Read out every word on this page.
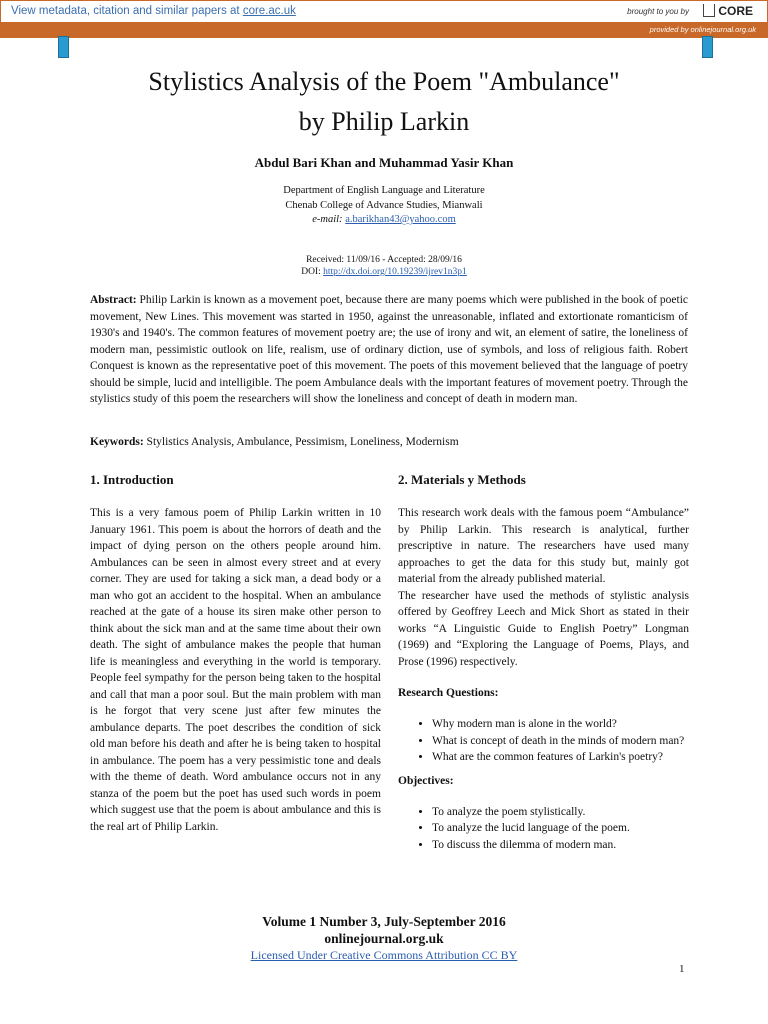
View metadata, citation and similar papers at core.ac.uk	brought to you by	CORE
provided by onlinejournal.org.uk
Stylistics Analysis of the Poem "Ambulance"
by Philip Larkin
Abdul Bari Khan and Muhammad Yasir Khan
Department of English Language and Literature
Chenab College of Advance Studies, Mianwali
e-mail: a.barikhan43@yahoo.com
Received: 11/09/16 - Accepted: 28/09/16
DOI: http://dx.doi.org/10.19239/ijrev1n3p1

Abstract: Philip Larkin is known as a movement poet, because there are many poems which were published in the book of poetic movement, New Lines. This movement was started in 1950, against the unreasonable, inflated and extortionate romanticism of 1930's and 1940's. The common features of movement poetry are; the use of irony and wit, an element of satire, the loneliness of modern man, pessimistic outlook on life, realism, use of ordinary diction, use of symbols, and loss of religious faith. Robert Conquest is known as the representative poet of this movement. The poets of this movement believed that the language of poetry should be simple, lucid and intelligible. The poem Ambulance deals with the important features of movement poetry. Through the stylistics study of this poem the researchers will show the loneliness and concept of death in modern man.

Keywords: Stylistics Analysis, Ambulance, Pessimism, Loneliness, Modernism

1. Introduction

This is a very famous poem of Philip Larkin written in 10 January 1961. This poem is about the horrors of death and the impact of dying person on the others people around him. Ambulances can be seen in almost every street and at every corner. They are used for taking a sick man, a dead body or a man who got an accident to the hospital. When an ambulance reached at the gate of a house its siren make other person to think about the sick man and at the same time about their own death. The sight of ambulance makes the people that human life is meaningless and everything in the world is temporary. People feel sympathy for the person being taken to the hospital and call that man a poor soul. But the main problem with man is he forgot that very scene just after few minutes the ambulance departs. The poet describes the condition of sick old man before his death and after he is being taken to hospital in ambulance. The poem has a very pessimistic tone and deals with the theme of death. Word ambulance occurs not in any stanza of the poem but the poet has used such words in poem which suggest use that the poem is about ambulance and this is the real art of Philip Larkin.

2. Materials y Methods

This research work deals with the famous poem “Ambulance” by Philip Larkin. This research is analytical, further prescriptive in nature. The researchers have used many approaches to get the data for this study but, mainly got material from the already published material.

The researcher have used the methods of stylistic analysis offered by Geoffrey Leech and Mick Short as stated in their works “A Linguistic Guide to English Poetry” Longman (1969) and “Exploring the Language of Poems, Plays, and Prose (1996) respectively.

Research Questions:
• Why modern man is alone in the world?
• What is concept of death in the minds of modern man?
• What are the common features of Larkin's poetry?
Objectives:
• To analyze the poem stylistically.
• To analyze the lucid language of the poem.
• To discuss the dilemma of modern man.
Volume 1 Number 3, July-September 2016
onlinejournal.org.uk
Licensed Under Creative Commons Attribution CC BY
1
